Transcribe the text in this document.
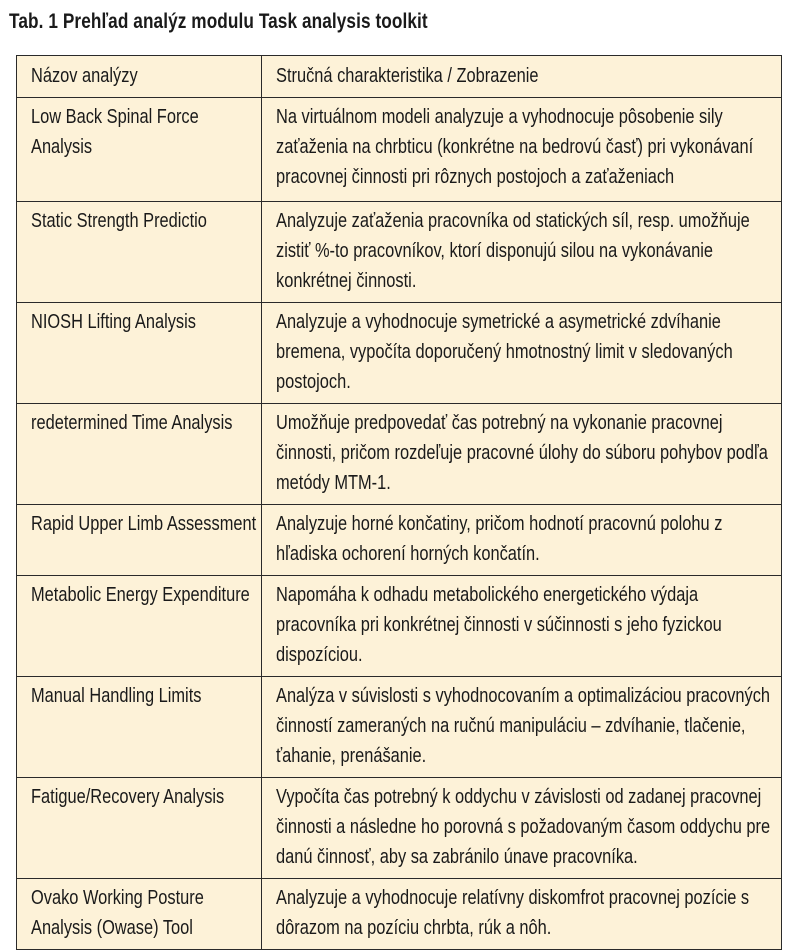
Tab. 1 Prehľad analýz modulu Task analysis toolkit
Názov analýzy	Stručná charakteristika / Zobrazenie

Low Back Spinal Force Analysis	Na virtuálnom modeli analyzuje a vyhodnocuje pôsobenie sily zaťaženia na chrbticu (konkrétne na bedrovú časť) pri vykonávaní pracovnej činnosti pri rôznych postojoch a zaťaženiach

Static Strength Predictio	Analyzuje zaťaženia pracovníka od statických síl, resp. umožňuje zistiť %-to pracovníkov, ktorí disponujú silou na vykonávanie konkrétnej činnosti.

NIOSH Lifting Analysis	Analyzuje a vyhodnocuje symetrické a asymetrické zdvíhanie bremena, vypočíta doporučený hmotnostný limit v sledovaných postojoch.

redetermined Time Analysis	Umožňuje predpovedať čas potrebný na vykonanie pracovnej činnosti, pričom rozdeľuje pracovné úlohy do súboru pohybov podľa metódy MTM-1.

Rapid Upper Limb Assessment	Analyzuje horné končatiny, pričom hodnotí pracovnú polohu z hľadiska ochorení horných končatín.

Metabolic Energy Expenditure	Napomáha k odhadu metabolického energetického výdaja pracovníka pri konkrétnej činnosti v súčinnosti s jeho fyzickou dispozíciou.

Manual Handling Limits	Analýza v súvislosti s vyhodnocovaním a optimalizáciou pracovných činností zameraných na ručnú manipuláciu – zdvíhanie, tlačenie, ťahanie, prenášanie.

Fatigue/Recovery Analysis	Vypočíta čas potrebný k oddychu v závislosti od zadanej pracovnej činnosti a následne ho porovná s požadovaným časom oddychu pre danú činnosť, aby sa zabránilo únave pracovníka.

Ovako Working Posture Analysis (Owase) Tool	Analyzuje a vyhodnocuje relatívny diskomfrot pracovnej pozície s dôrazom na pozíciu chrbta, rúk a nôh.
